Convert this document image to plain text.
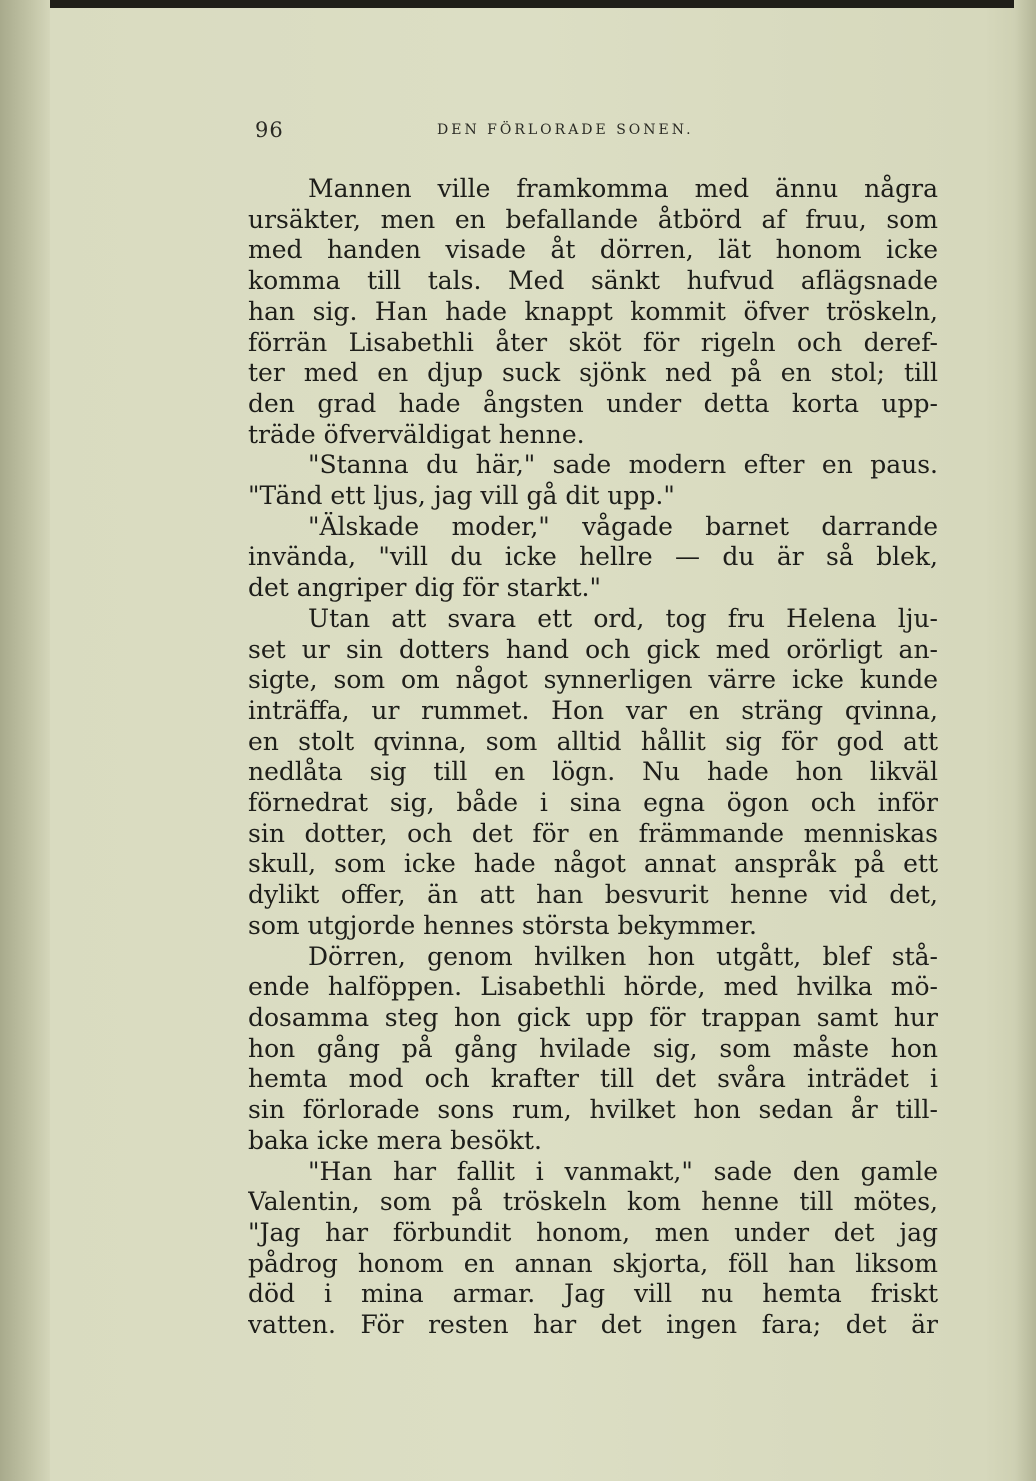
96	DEN FÖRLORADE SONEN.
Mannen ville framkomma med ännu några
ursäkter, men en befallande åtbörd af fruu, som
med handen visade åt dörren, lät honom icke
komma till tals. Med sänkt hufvud aflägsnade
han sig. Han hade knappt kommit öfver tröskeln,
förrän Lisabethli åter sköt för rigeln och deref-
ter med en djup suck sjönk ned på en stol; till
den grad hade ångsten under detta korta upp-
träde öfverväldigat henne.
"Stanna du här," sade modern efter en paus.
"Tänd ett ljus, jag vill gå dit upp."
"Älskade moder," vågade barnet darrande
invända, "vill du icke hellre — du är så blek,
det angriper dig för starkt."
Utan att svara ett ord, tog fru Helena lju-
set ur sin dotters hand och gick med orörligt an-
sigte, som om något synnerligen värre icke kunde
inträffa, ur rummet. Hon var en sträng qvinna,
en stolt qvinna, som alltid hållit sig för god att
nedlåta sig till en lögn. Nu hade hon likväl
förnedrat sig, både i sina egna ögon och inför
sin dotter, och det för en främmande menniskas
skull, som icke hade något annat anspråk på ett
dylikt offer, än att han besvurit henne vid det,
som utgjorde hennes största bekymmer.
Dörren, genom hvilken hon utgått, blef stå-
ende halföppen. Lisabethli hörde, med hvilka mö-
dosamma steg hon gick upp för trappan samt hur
hon gång på gång hvilade sig, som måste hon
hemta mod och krafter till det svåra inträdet i
sin förlorade sons rum, hvilket hon sedan år till-
baka icke mera besökt.
"Han har fallit i vanmakt," sade den gamle
Valentin, som på tröskeln kom henne till mötes,
"Jag har förbundit honom, men under det jag
pådrog honom en annan skjorta, föll han liksom
död i mina armar. Jag vill nu hemta friskt
vatten. För resten har det ingen fara; det är
